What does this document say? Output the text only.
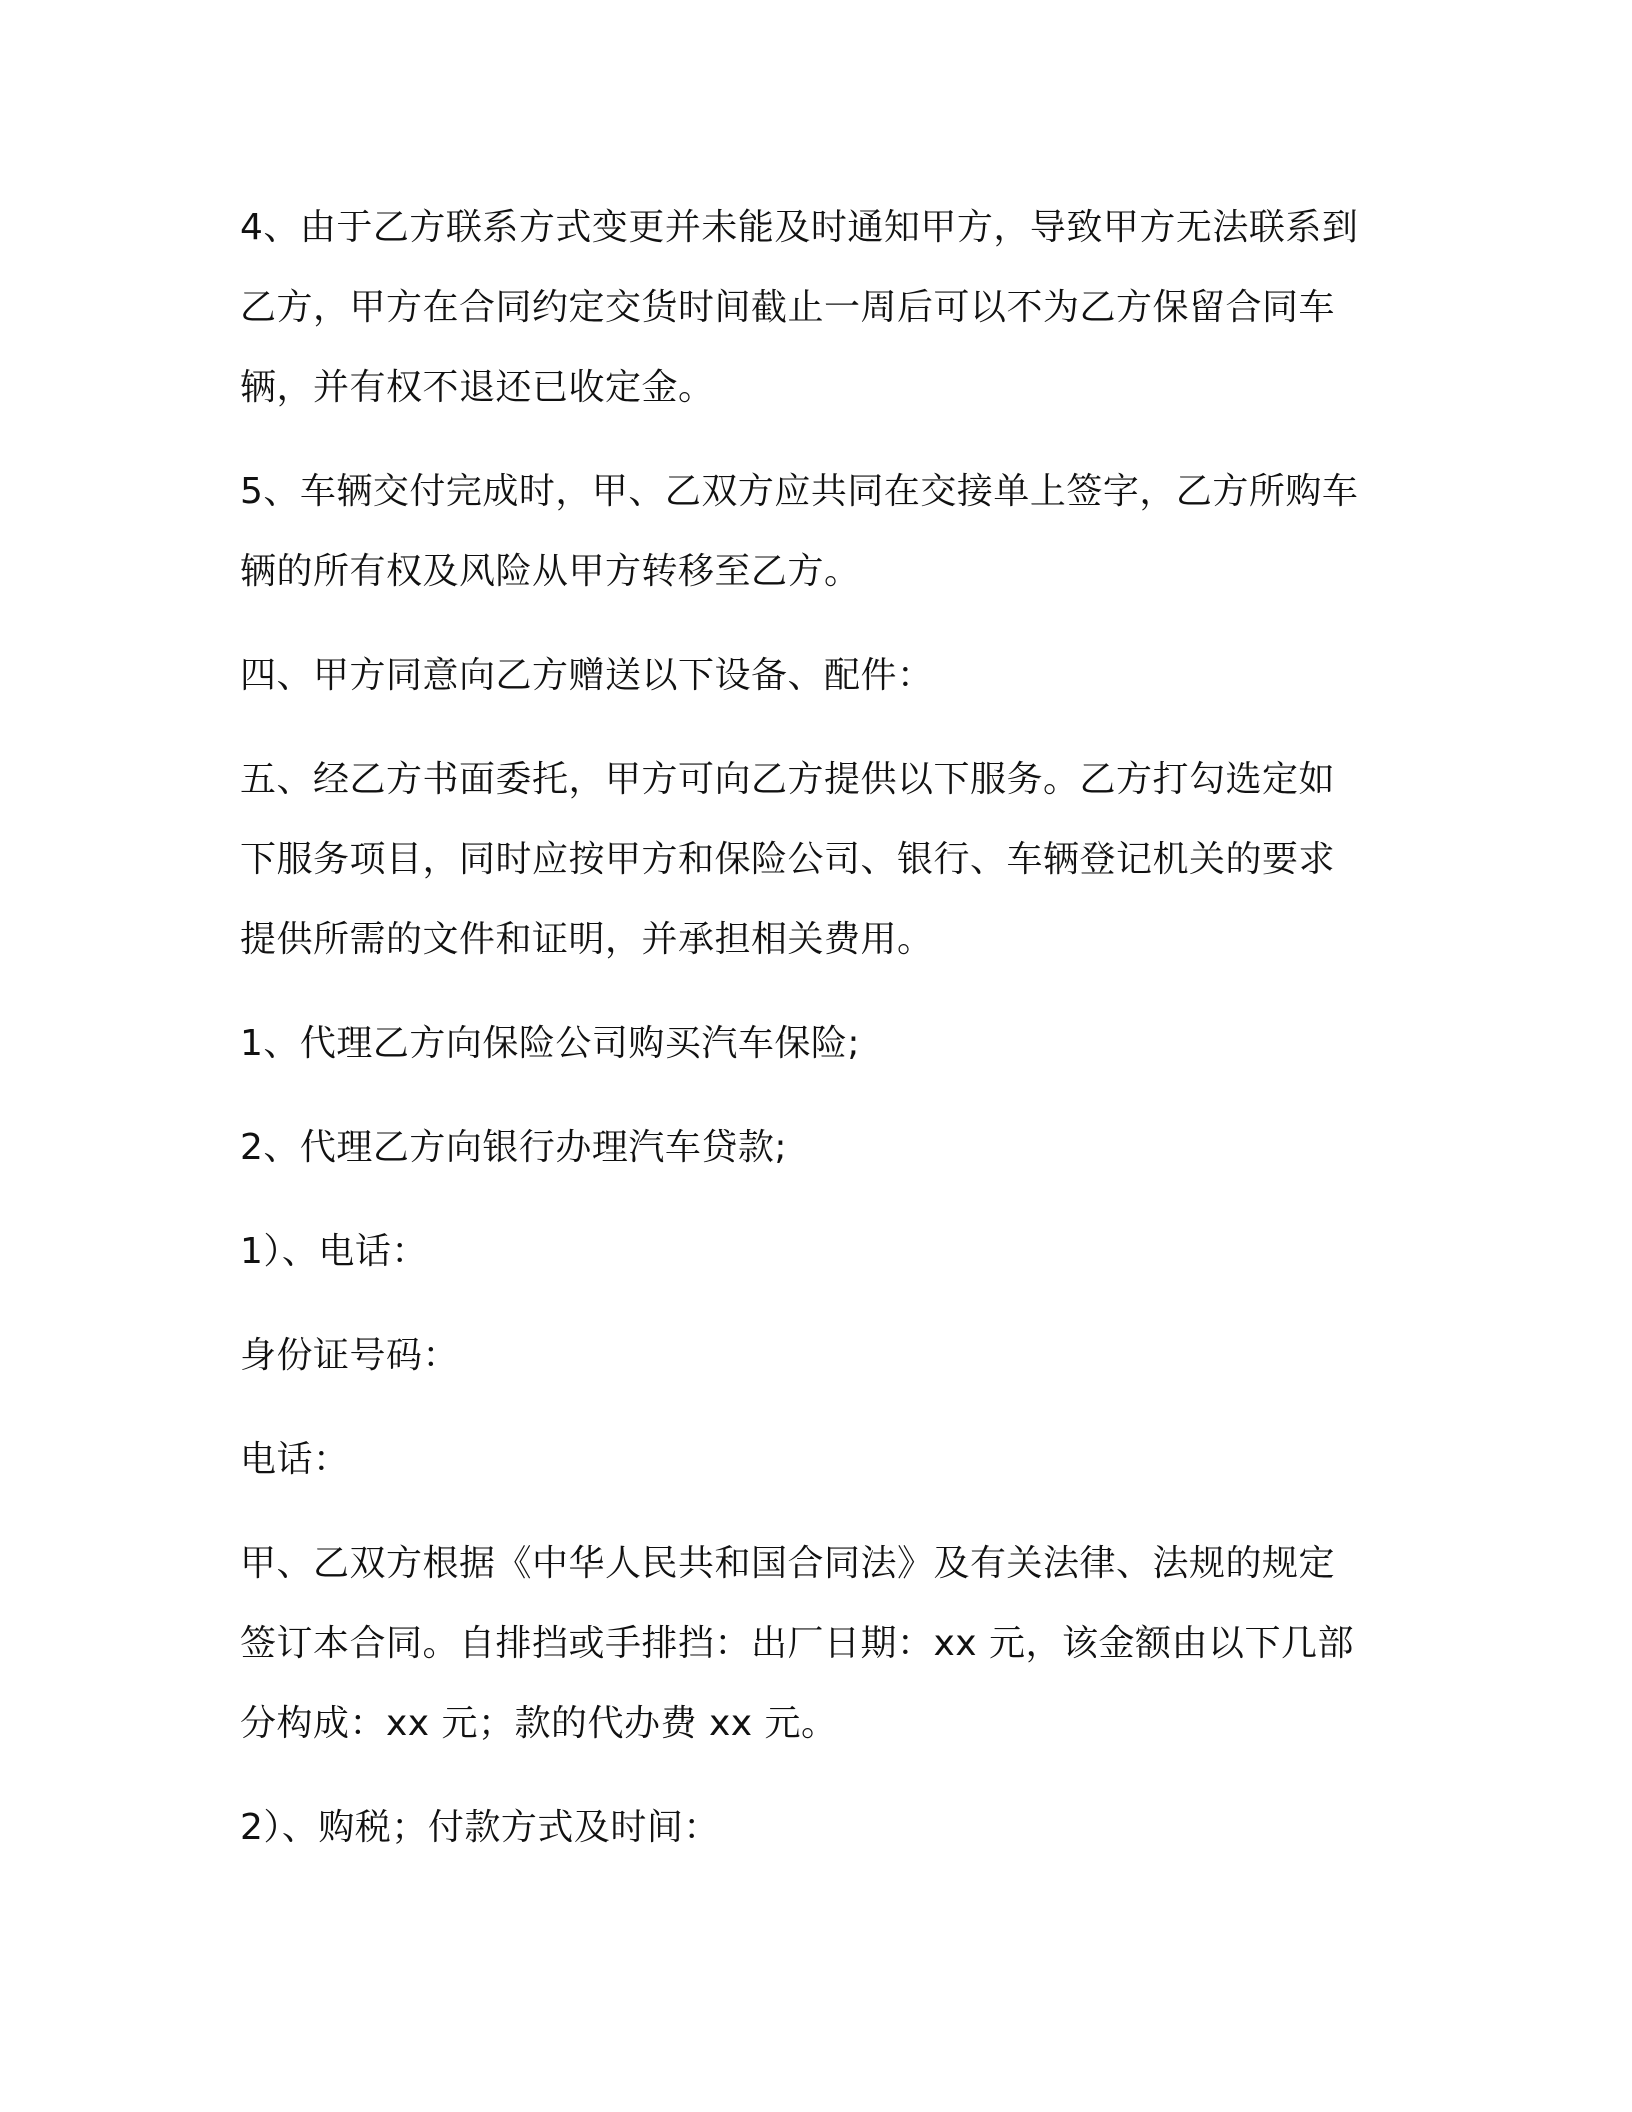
4、由于乙方联系方式变更并未能及时通知甲方，导致甲方无法联系到
乙方，甲方在合同约定交货时间截止一周后可以不为乙方保留合同车
辆，并有权不退还已收定金。

5、车辆交付完成时，甲、乙双方应共同在交接单上签字，乙方所购车
辆的所有权及风险从甲方转移至乙方。

四、甲方同意向乙方赠送以下设备、配件：

五、经乙方书面委托，甲方可向乙方提供以下服务。乙方打勾选定如
下服务项目，同时应按甲方和保险公司、银行、车辆登记机关的要求
提供所需的文件和证明，并承担相关费用。

1、代理乙方向保险公司购买汽车保险;

2、代理乙方向银行办理汽车贷款;

1）、电话：

身份证号码：

电话：

甲、乙双方根据《中华人民共和国合同法》及有关法律、法规的规定
签订本合同。自排挡或手排挡：出厂日期：xx 元，该金额由以下几部
分构成：xx 元；款的代办费 xx 元。

2）、购税；付款方式及时间：
